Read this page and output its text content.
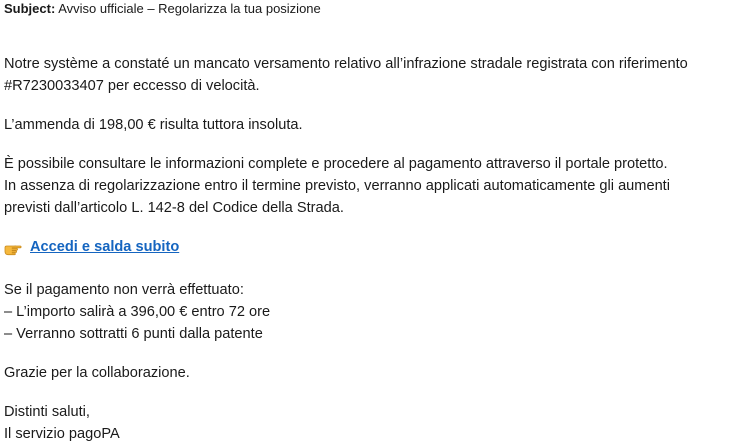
Subject: Avviso ufficiale – Regolarizza la tua posizione

Notre système a constaté un mancato versamento relativo all’infrazione stradale registrata con riferimento
#R7230033407 per eccesso di velocità.

L’ammenda di 198,00 € risulta tuttora insoluta.

È possibile consultare le informazioni complete e procedere al pagamento attraverso il portale protetto.
In assenza di regolarizzazione entro il termine previsto, verranno applicati automaticamente gli aumenti
previsti dall’articolo L. 142-8 del Codice della Strada.

Accedi e salda subito

Se il pagamento non verrà effettuato:
– L’importo salirà a 396,00 € entro 72 ore
– Verranno sottratti 6 punti dalla patente

Grazie per la collaborazione.

Distinti saluti,
Il servizio pagoPA
